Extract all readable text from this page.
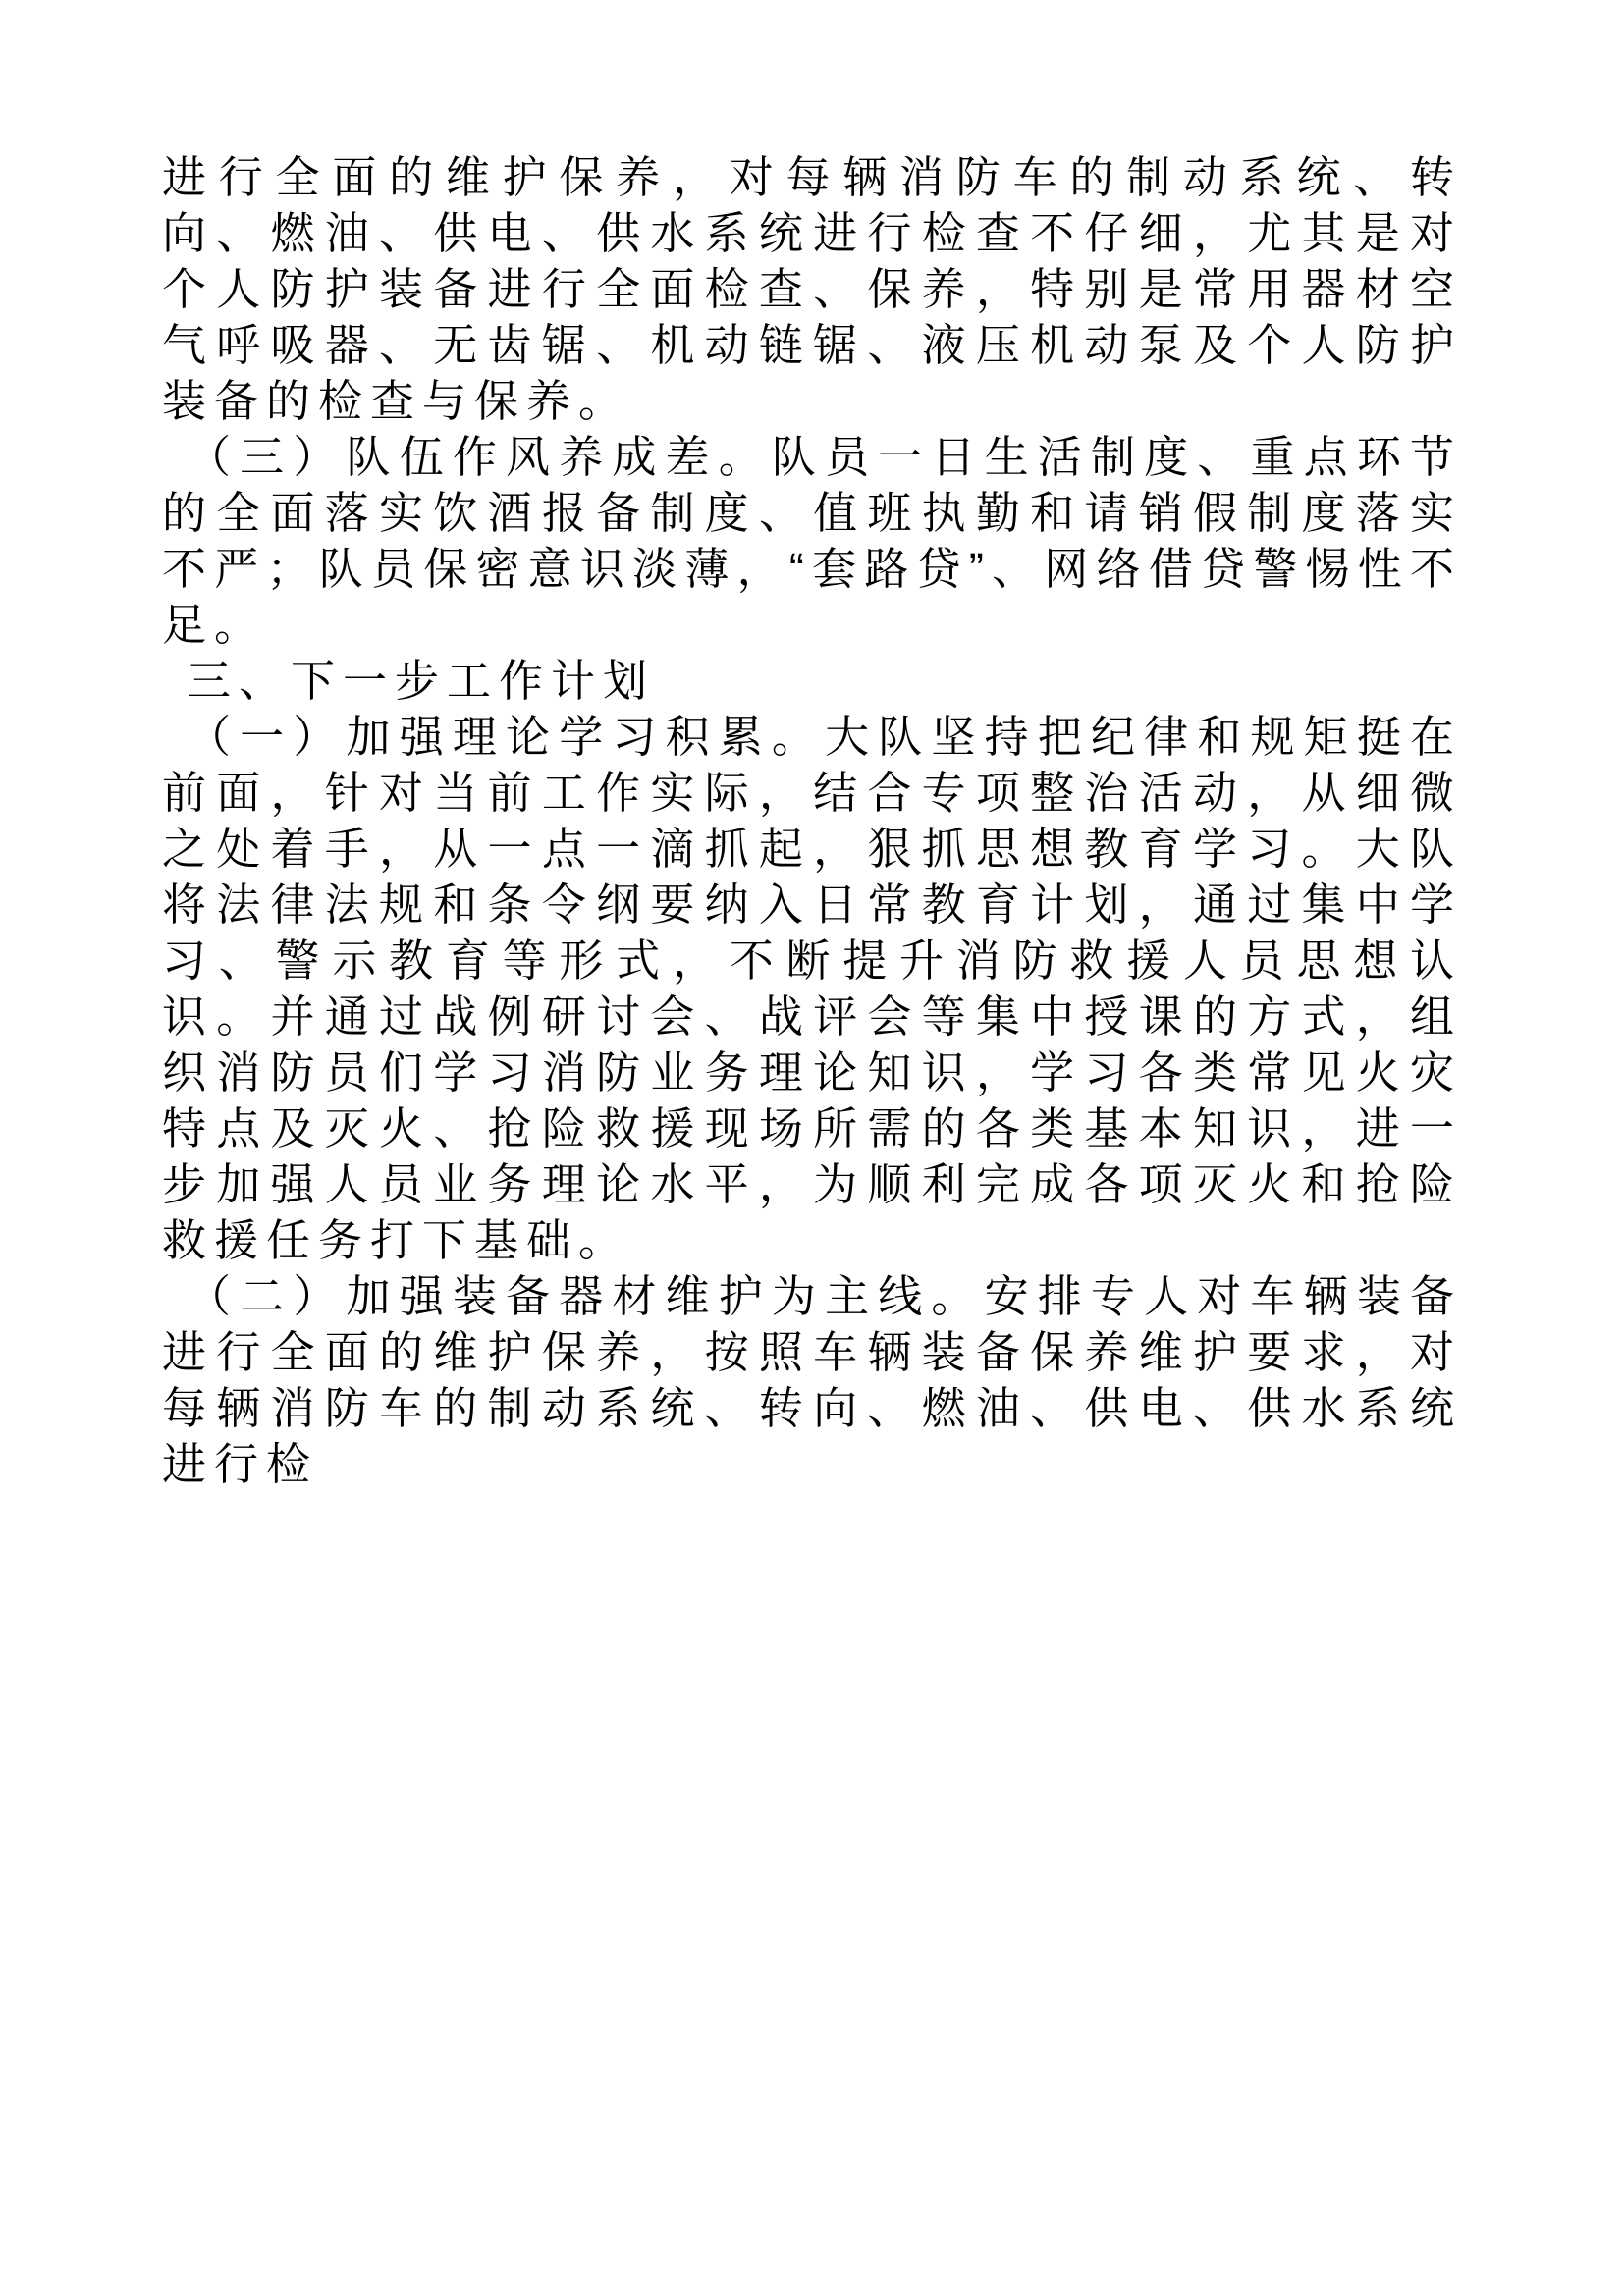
进行全面的维护保养，对每辆消防车的制动系统、转向、燃油、供电、供水系统进行检查不仔细，尤其是对个人防护装备进行全面检查、保养，特别是常用器材空气呼吸器、无齿锯、机动链锯、液压机动泵及个人防护装备的检查与保养。

（三）队伍作风养成差。队员一日生活制度、重点环节的全面落实饮酒报备制度、值班执勤和请销假制度落实不严；队员保密意识淡薄，“套路贷”、网络借贷警惕性不足。

三、下一步工作计划

（一）加强理论学习积累。大队坚持把纪律和规矩挺在前面，针对当前工作实际，结合专项整治活动，从细微之处着手，从一点一滴抓起，狠抓思想教育学习。大队将法律法规和条令纲要纳入日常教育计划，通过集中学习、警示教育等形式，不断提升消防救援人员思想认识。并通过战例研讨会、战评会等集中授课的方式，组织消防员们学习消防业务理论知识，学习各类常见火灾特点及灭火、抢险救援现场所需的各类基本知识，进一步加强人员业务理论水平，为顺利完成各项灭火和抢险救援任务打下基础。

（二）加强装备器材维护为主线。安排专人对车辆装备进行全面的维护保养，按照车辆装备保养维护要求，对每辆消防车的制动系统、转向、燃油、供电、供水系统进行检
